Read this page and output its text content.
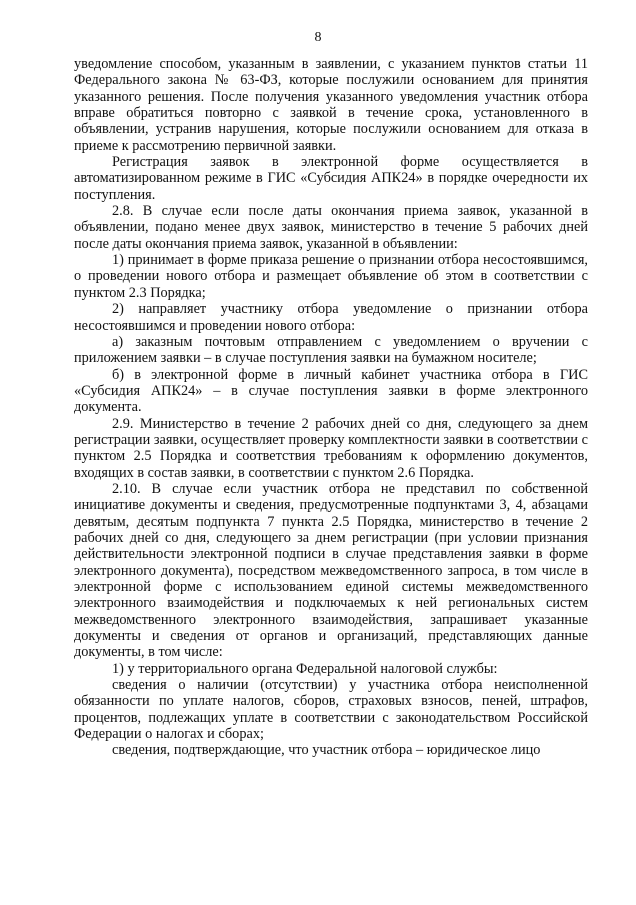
8

уведомление способом, указанным в заявлении, с указанием пунктов статьи 11 Федерального закона № 63-ФЗ, которые послужили основанием для принятия указанного решения. После получения указанного уведомления участник отбора вправе обратиться повторно с заявкой в течение срока, установленного в объявлении, устранив нарушения, которые послужили основанием для отказа в приеме к рассмотрению первичной заявки.

Регистрация заявок в электронной форме осуществляется в автоматизированном режиме в ГИС «Субсидия АПК24» в порядке очередности их поступления.

2.8. В случае если после даты окончания приема заявок, указанной в объявлении, подано менее двух заявок, министерство в течение 5 рабочих дней после даты окончания приема заявок, указанной в объявлении:

1) принимает в форме приказа решение о признании отбора несостоявшимся, о проведении нового отбора и размещает объявление об этом в соответствии с пунктом 2.3 Порядка;

2) направляет участнику отбора уведомление о признании отбора несостоявшимся и проведении нового отбора:

а) заказным почтовым отправлением с уведомлением о вручении с приложением заявки – в случае поступления заявки на бумажном носителе;

б) в электронной форме в личный кабинет участника отбора в ГИС «Субсидия АПК24» – в случае поступления заявки в форме электронного документа.

2.9. Министерство в течение 2 рабочих дней со дня, следующего за днем регистрации заявки, осуществляет проверку комплектности заявки в соответствии с пунктом 2.5 Порядка и соответствия требованиям к оформлению документов, входящих в состав заявки, в соответствии с пунктом 2.6 Порядка.

2.10. В случае если участник отбора не представил по собственной инициативе документы и сведения, предусмотренные подпунктами 3, 4, абзацами девятым, десятым подпункта 7 пункта 2.5 Порядка, министерство в течение 2 рабочих дней со дня, следующего за днем регистрации (при условии признания действительности электронной подписи в случае представления заявки в форме электронного документа), посредством межведомственного запроса, в том числе в электронной форме с использованием единой системы межведомственного электронного взаимодействия и подключаемых к ней региональных систем межведомственного электронного взаимодействия, запрашивает указанные документы и сведения от органов и организаций, представляющих данные документы, в том числе:

1) у территориального органа Федеральной налоговой службы:

сведения о наличии (отсутствии) у участника отбора неисполненной обязанности по уплате налогов, сборов, страховых взносов, пеней, штрафов, процентов, подлежащих уплате в соответствии с законодательством Российской Федерации о налогах и сборах;

сведения, подтверждающие, что участник отбора – юридическое лицо
